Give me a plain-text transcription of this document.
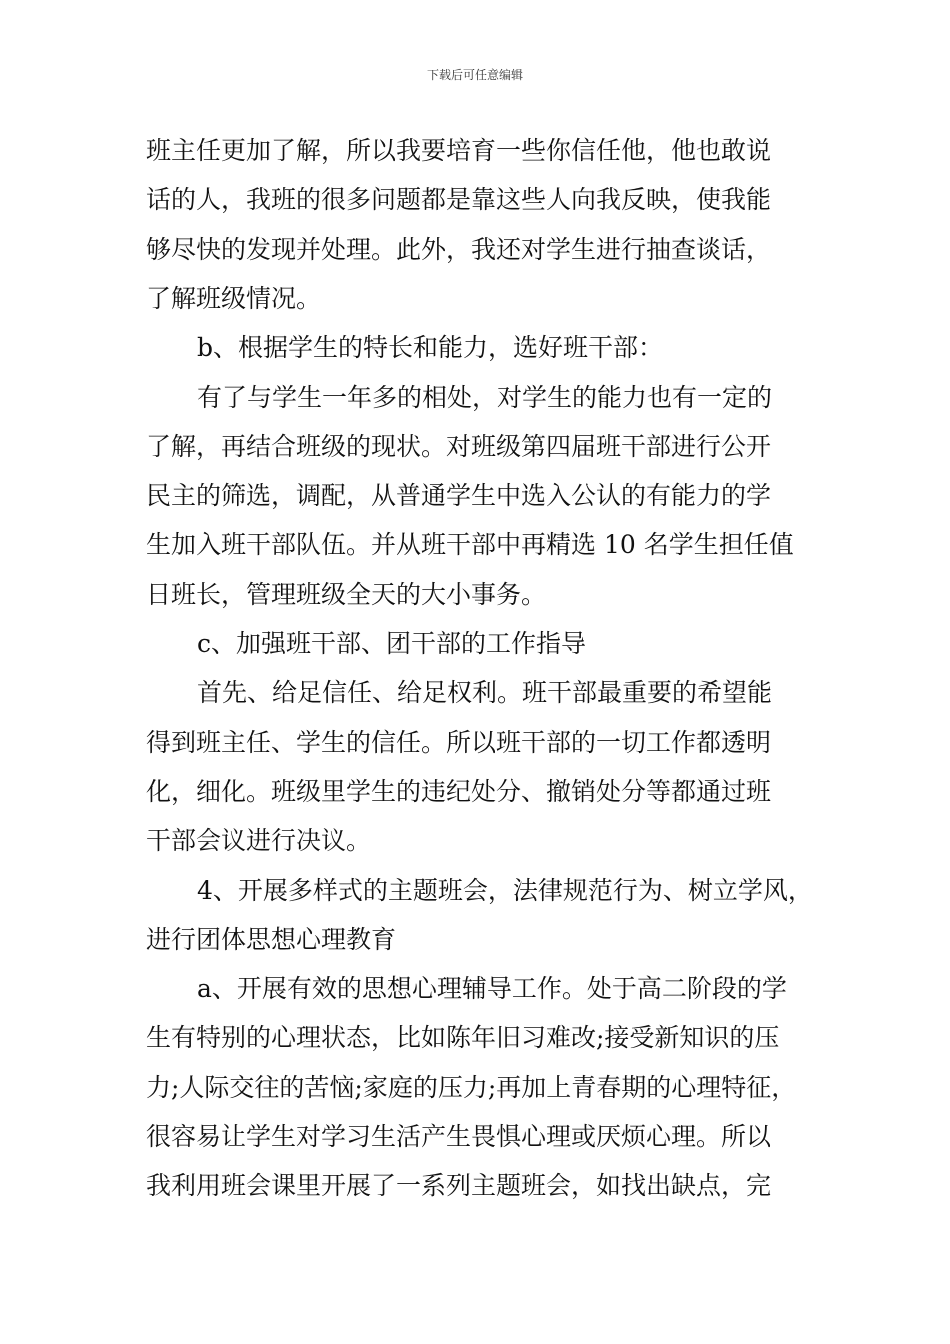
下载后可任意编辑
班主任更加了解，所以我要培育一些你信任他，他也敢说
话的人，我班的很多问题都是靠这些人向我反映，使我能
够尽快的发现并处理。此外，我还对学生进行抽查谈话，
了解班级情况。
b、根据学生的特长和能力，选好班干部：
有了与学生一年多的相处，对学生的能力也有一定的
了解，再结合班级的现状。对班级第四届班干部进行公开
民主的筛选，调配，从普通学生中选入公认的有能力的学
生加入班干部队伍。并从班干部中再精选 10 名学生担任值
日班长，管理班级全天的大小事务。
c、加强班干部、团干部的工作指导
首先、给足信任、给足权利。班干部最重要的希望能
得到班主任、学生的信任。所以班干部的一切工作都透明
化，细化。班级里学生的违纪处分、撤销处分等都通过班
干部会议进行决议。
4、开展多样式的主题班会，法律规范行为、树立学风，
进行团体思想心理教育
a、开展有效的思想心理辅导工作。处于高二阶段的学
生有特别的心理状态，比如陈年旧习难改;接受新知识的压
力;人际交往的苦恼;家庭的压力;再加上青春期的心理特征，
很容易让学生对学习生活产生畏惧心理或厌烦心理。所以
我利用班会课里开展了一系列主题班会，如找出缺点，完
